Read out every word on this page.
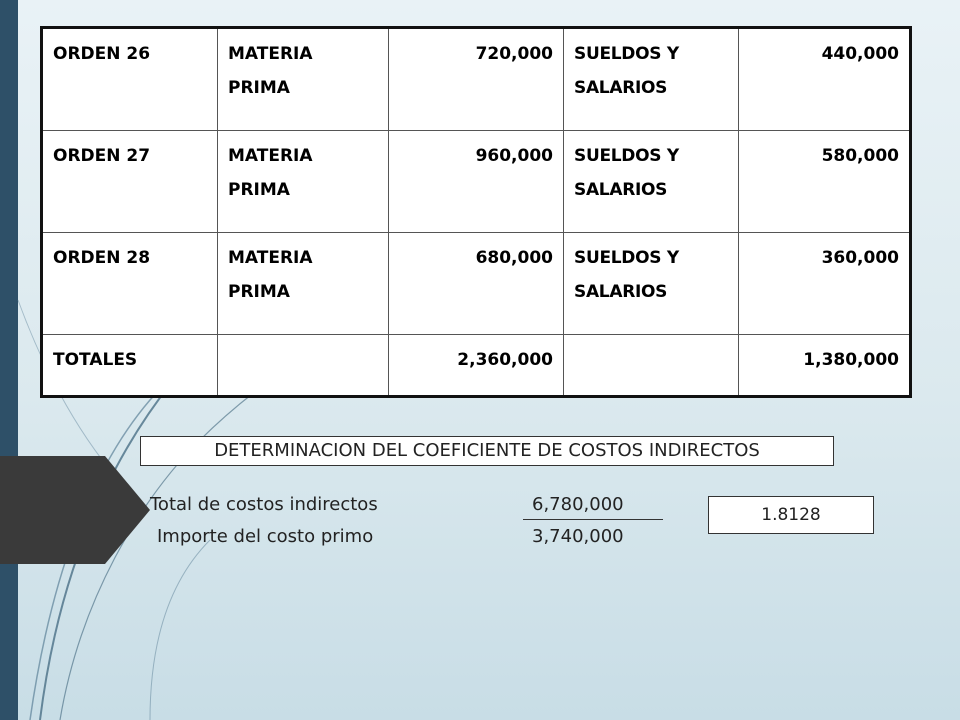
ORDEN 26	MATERIA PRIMA	720,000	SUELDOS Y SALARIOS	440,000
ORDEN 27	MATERIA PRIMA	960,000	SUELDOS Y SALARIOS	580,000
ORDEN 28	MATERIA PRIMA	680,000	SUELDOS Y SALARIOS	360,000
TOTALES		2,360,000		1,380,000
DETERMINACION DEL COEFICIENTE DE COSTOS INDIRECTOS
Total de costos indirectos	6,780,000
Importe del costo primo	3,740,000
1.8128
